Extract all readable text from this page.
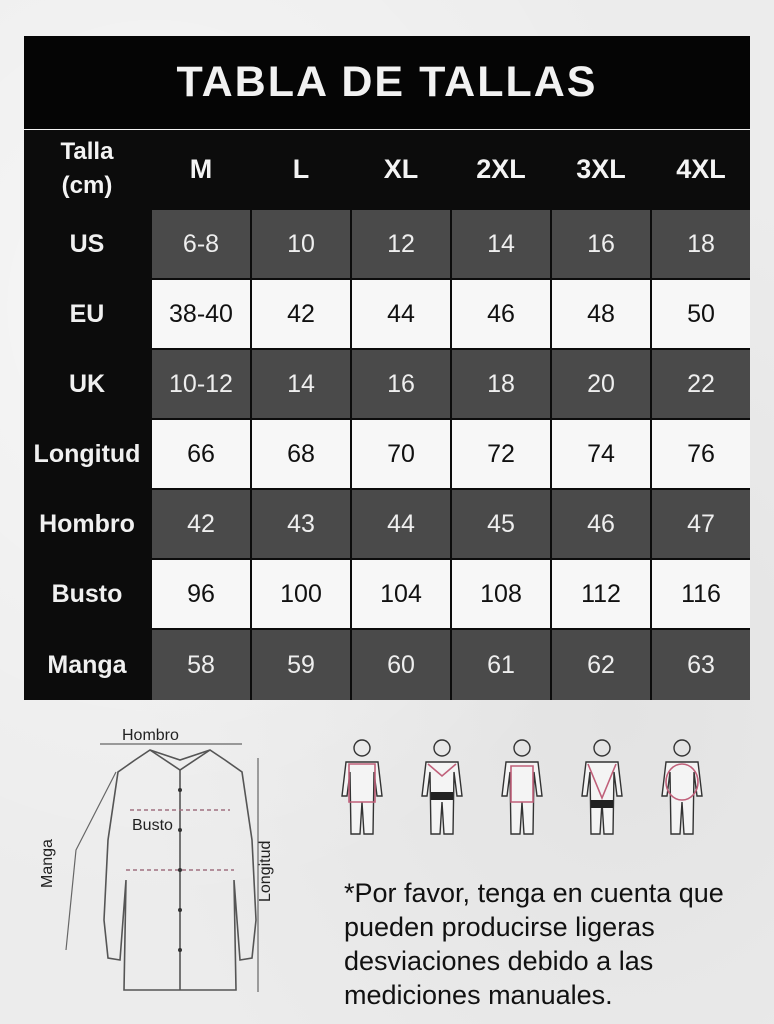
TABLA DE TALLAS
Talla
(cm)
M	L	XL	2XL	3XL	4XL
US	6-8	10	12	14	16	18
EU	38-40	42	44	46	48	50
UK	10-12	14	16	18	20	22
Longitud	66	68	70	72	74	76
Hombro	42	43	44	45	46	47
Busto	96	100	104	108	112	116
Manga	58	59	60	61	62	63
Hombro
Busto
Manga	Longitud	*Por favor, tenga en cuenta que
pueden producirse ligeras
desviaciones debido a las
mediciones manuales.
